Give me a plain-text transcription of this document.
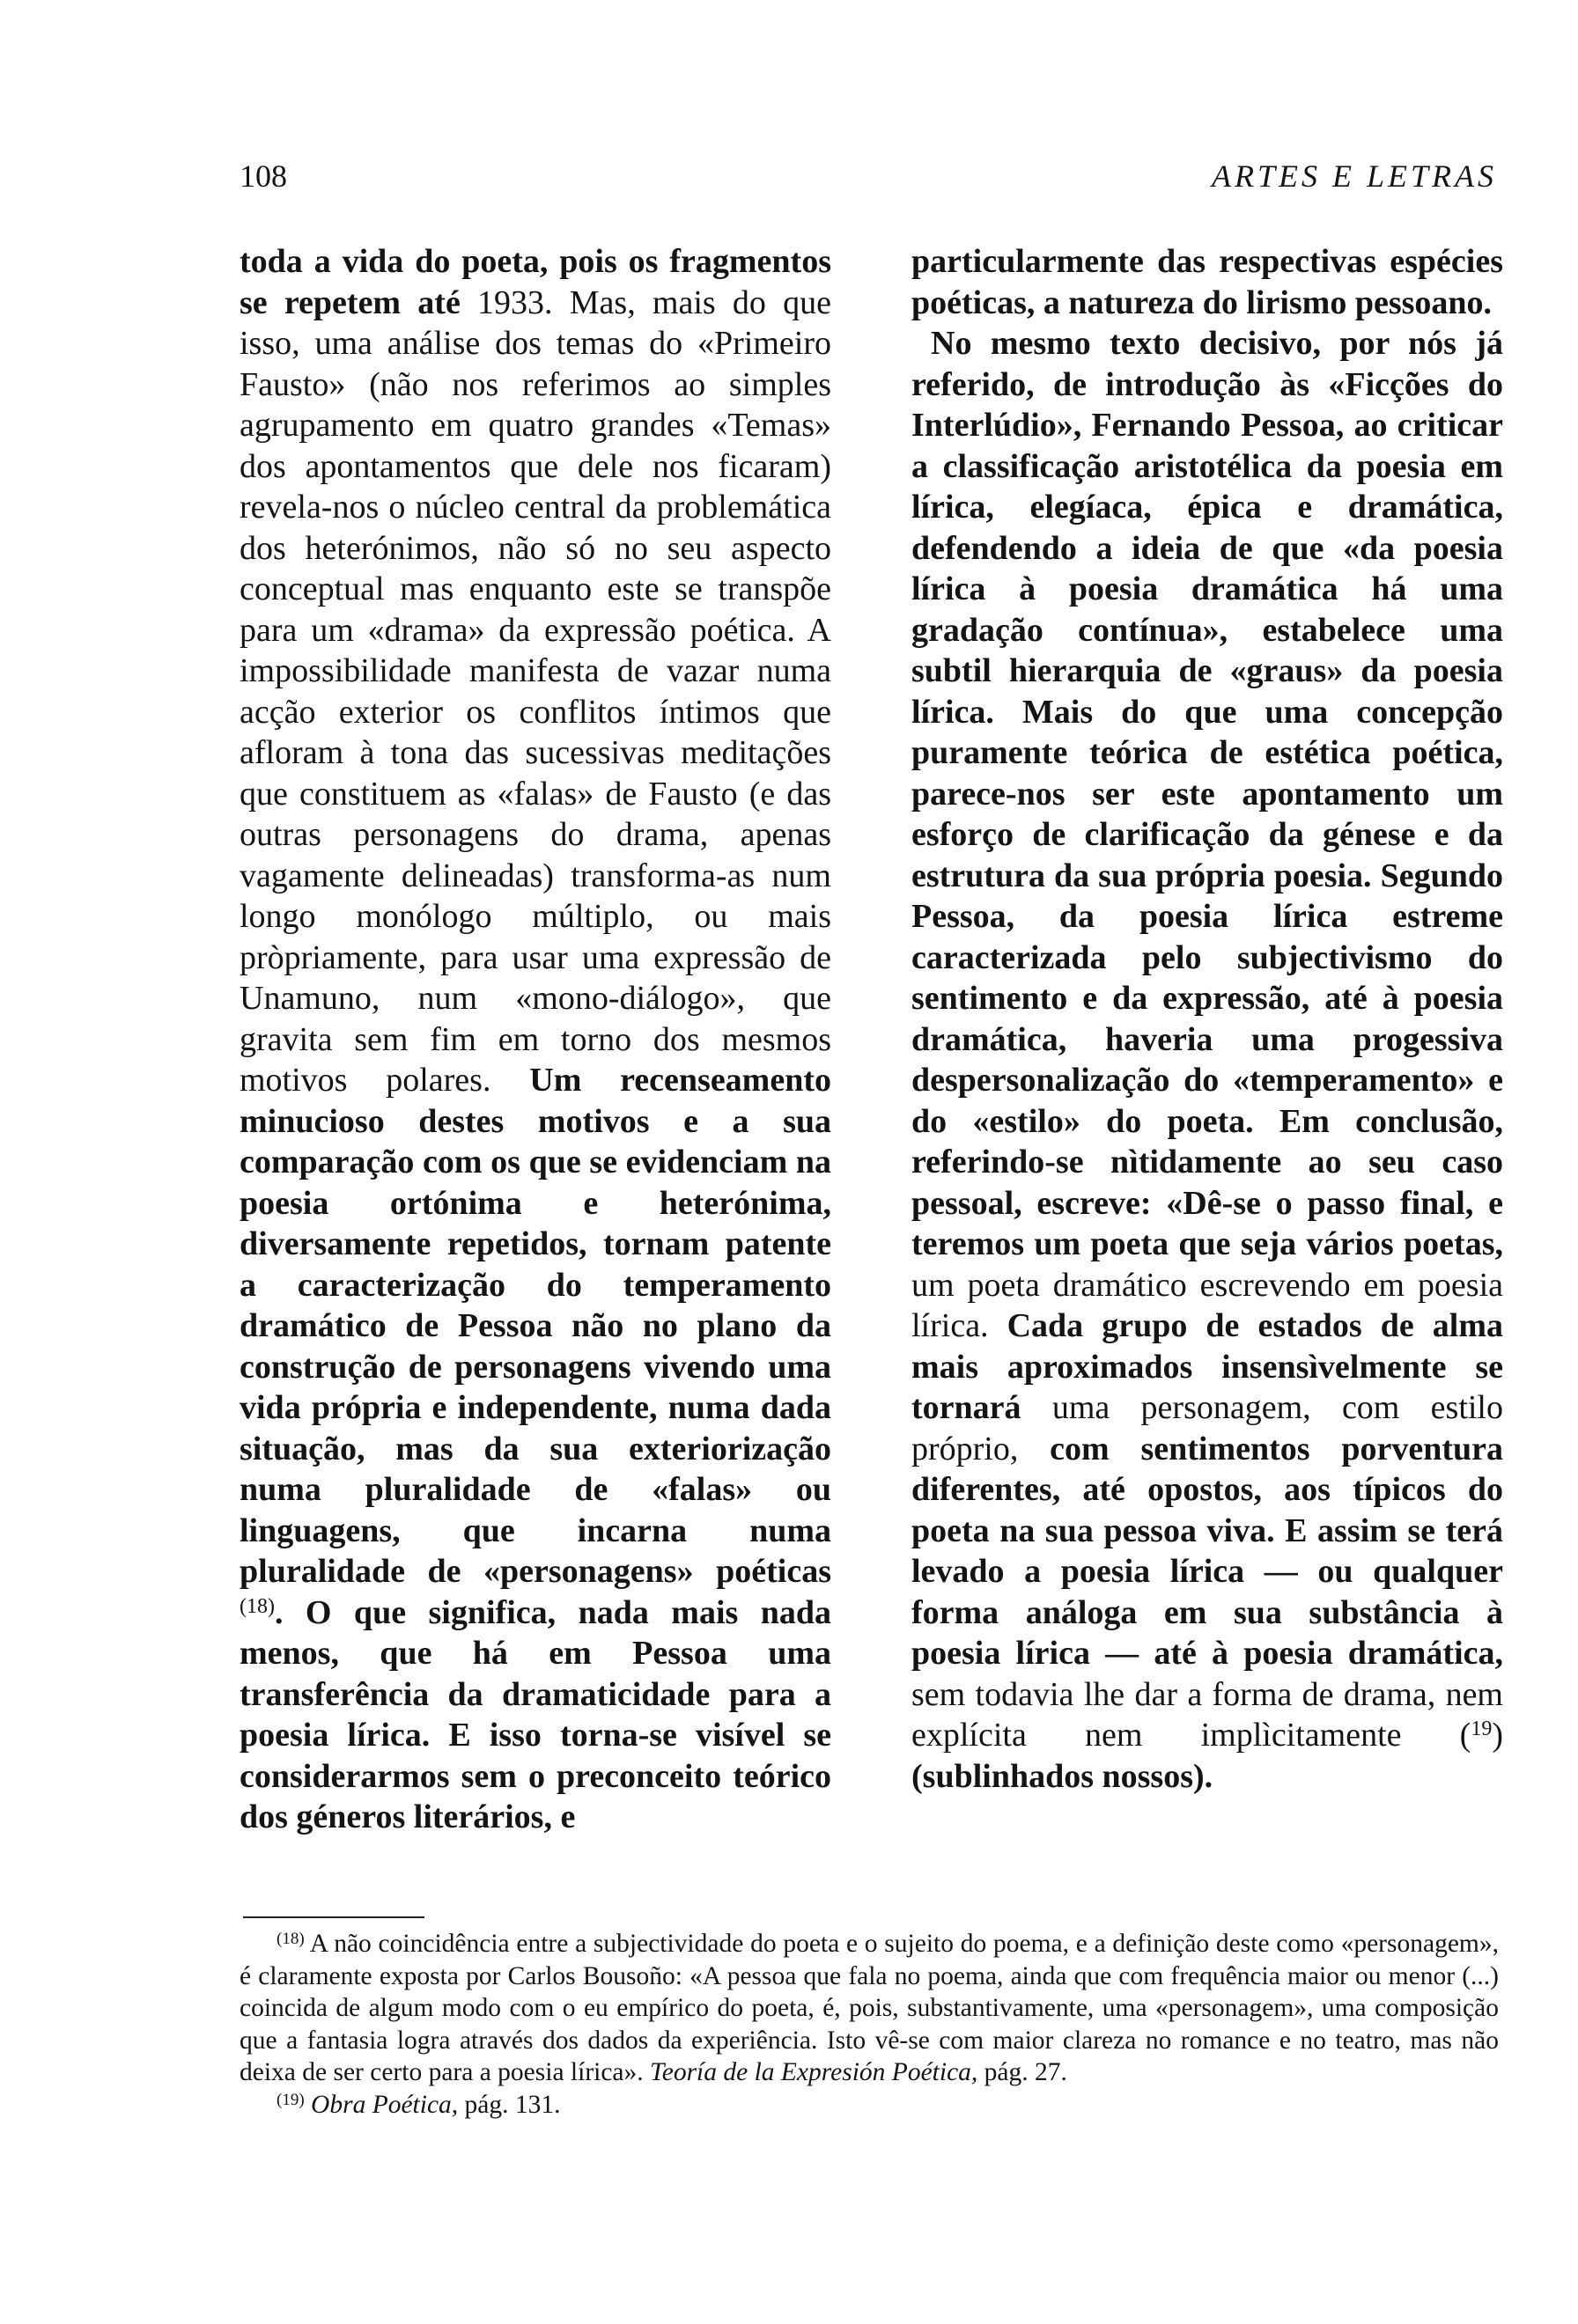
108	ARTES E LETRAS

toda a vida do poeta, pois os fragmentos se repetem até 1933. Mas, mais do que isso, uma análise dos temas do «Primeiro Fausto» (não nos referimos ao simples agrupamento em quatro grandes «Temas» dos apontamentos que dele nos ficaram) revela-nos o núcleo central da problemática dos heterónimos, não só no seu aspecto conceptual mas enquanto este se transpõe para um «drama» da expressão poética. A impossibilidade manifesta de vazar numa acção exterior os conflitos íntimos que afloram à tona das sucessivas meditações que constituem as «falas» de Fausto (e das outras personagens do drama, apenas vagamente delineadas) transforma-as num longo monólogo múltiplo, ou mais pròpriamente, para usar uma expressão de Unamuno, num «mono-diálogo», que gravita sem fim em torno dos mesmos motivos polares. Um recenseamento minucioso destes motivos e a sua comparação com os que se evidenciam na poesia ortónima e heterónima, diversamente repetidos, tornam patente a caracterização do temperamento dramático de Pessoa não no plano da construção de personagens vivendo uma vida própria e independente, numa dada situação, mas da sua exteriorização numa pluralidade de «falas» ou linguagens, que incarna numa pluralidade de «personagens» poéticas $^{(18)}$. O que significa, nada mais nada menos, que há em Pessoa uma transferência da dramaticidade para a poesia lírica. E isso torna-se visível se considerarmos sem o preconceito teórico dos géneros literários, e

particularmente das respectivas espécies poéticas, a natureza do lirismo pessoano.

No mesmo texto decisivo, por nós já referido, de introdução às «Ficções do Interlúdio», Fernando Pessoa, ao criticar a classificação aristotélica da poesia em lírica, elegíaca, épica e dramática, defendendo a ideia de que «da poesia lírica à poesia dramática há uma gradação contínua», estabelece uma subtil hierarquia de «graus» da poesia lírica. Mais do que uma concepção puramente teórica de estética poética, parece-nos ser este apontamento um esforço de clarificação da génese e da estrutura da sua própria poesia. Segundo Pessoa, da poesia lírica estreme caracterizada pelo subjectivismo do sentimento e da expressão, até à poesia dramática, haveria uma progessiva despersonalização do «temperamento» e do «estilo» do poeta. Em conclusão, referindo-se nìtidamente ao seu caso pessoal, escreve: «Dê-se o passo final, e teremos um poeta que seja vários poetas, um poeta dramático escrevendo em poesia lírica. Cada grupo de estados de alma mais aproximados insensìvelmente se tornará uma personagem, com estilo próprio, com sentimentos porventura diferentes, até opostos, aos típicos do poeta na sua pessoa viva. E assim se terá levado a poesia lírica — ou qualquer forma análoga em sua substância à poesia lírica — até à poesia dramática, sem todavia lhe dar a forma de drama, nem explícita nem implìcitamente ($^{19}$) (sublinhados nossos).

$^{(18)}$ A não coincidência entre a subjectividade do poeta e o sujeito do poema, e a definição deste como «personagem», é claramente exposta por Carlos Bousoño: «A pessoa que fala no poema, ainda que com frequência maior ou menor (...) coincida de algum modo com o eu empírico do poeta, é, pois, substantivamente, uma «personagem», uma composição que a fantasia logra através dos dados da experiência. Isto vê-se com maior clareza no romance e no teatro, mas não deixa de ser certo para a poesia lírica». Teoría de la Expresión Poética, pág. 27.

$^{(19)}$ Obra Poética, pág. 131.
